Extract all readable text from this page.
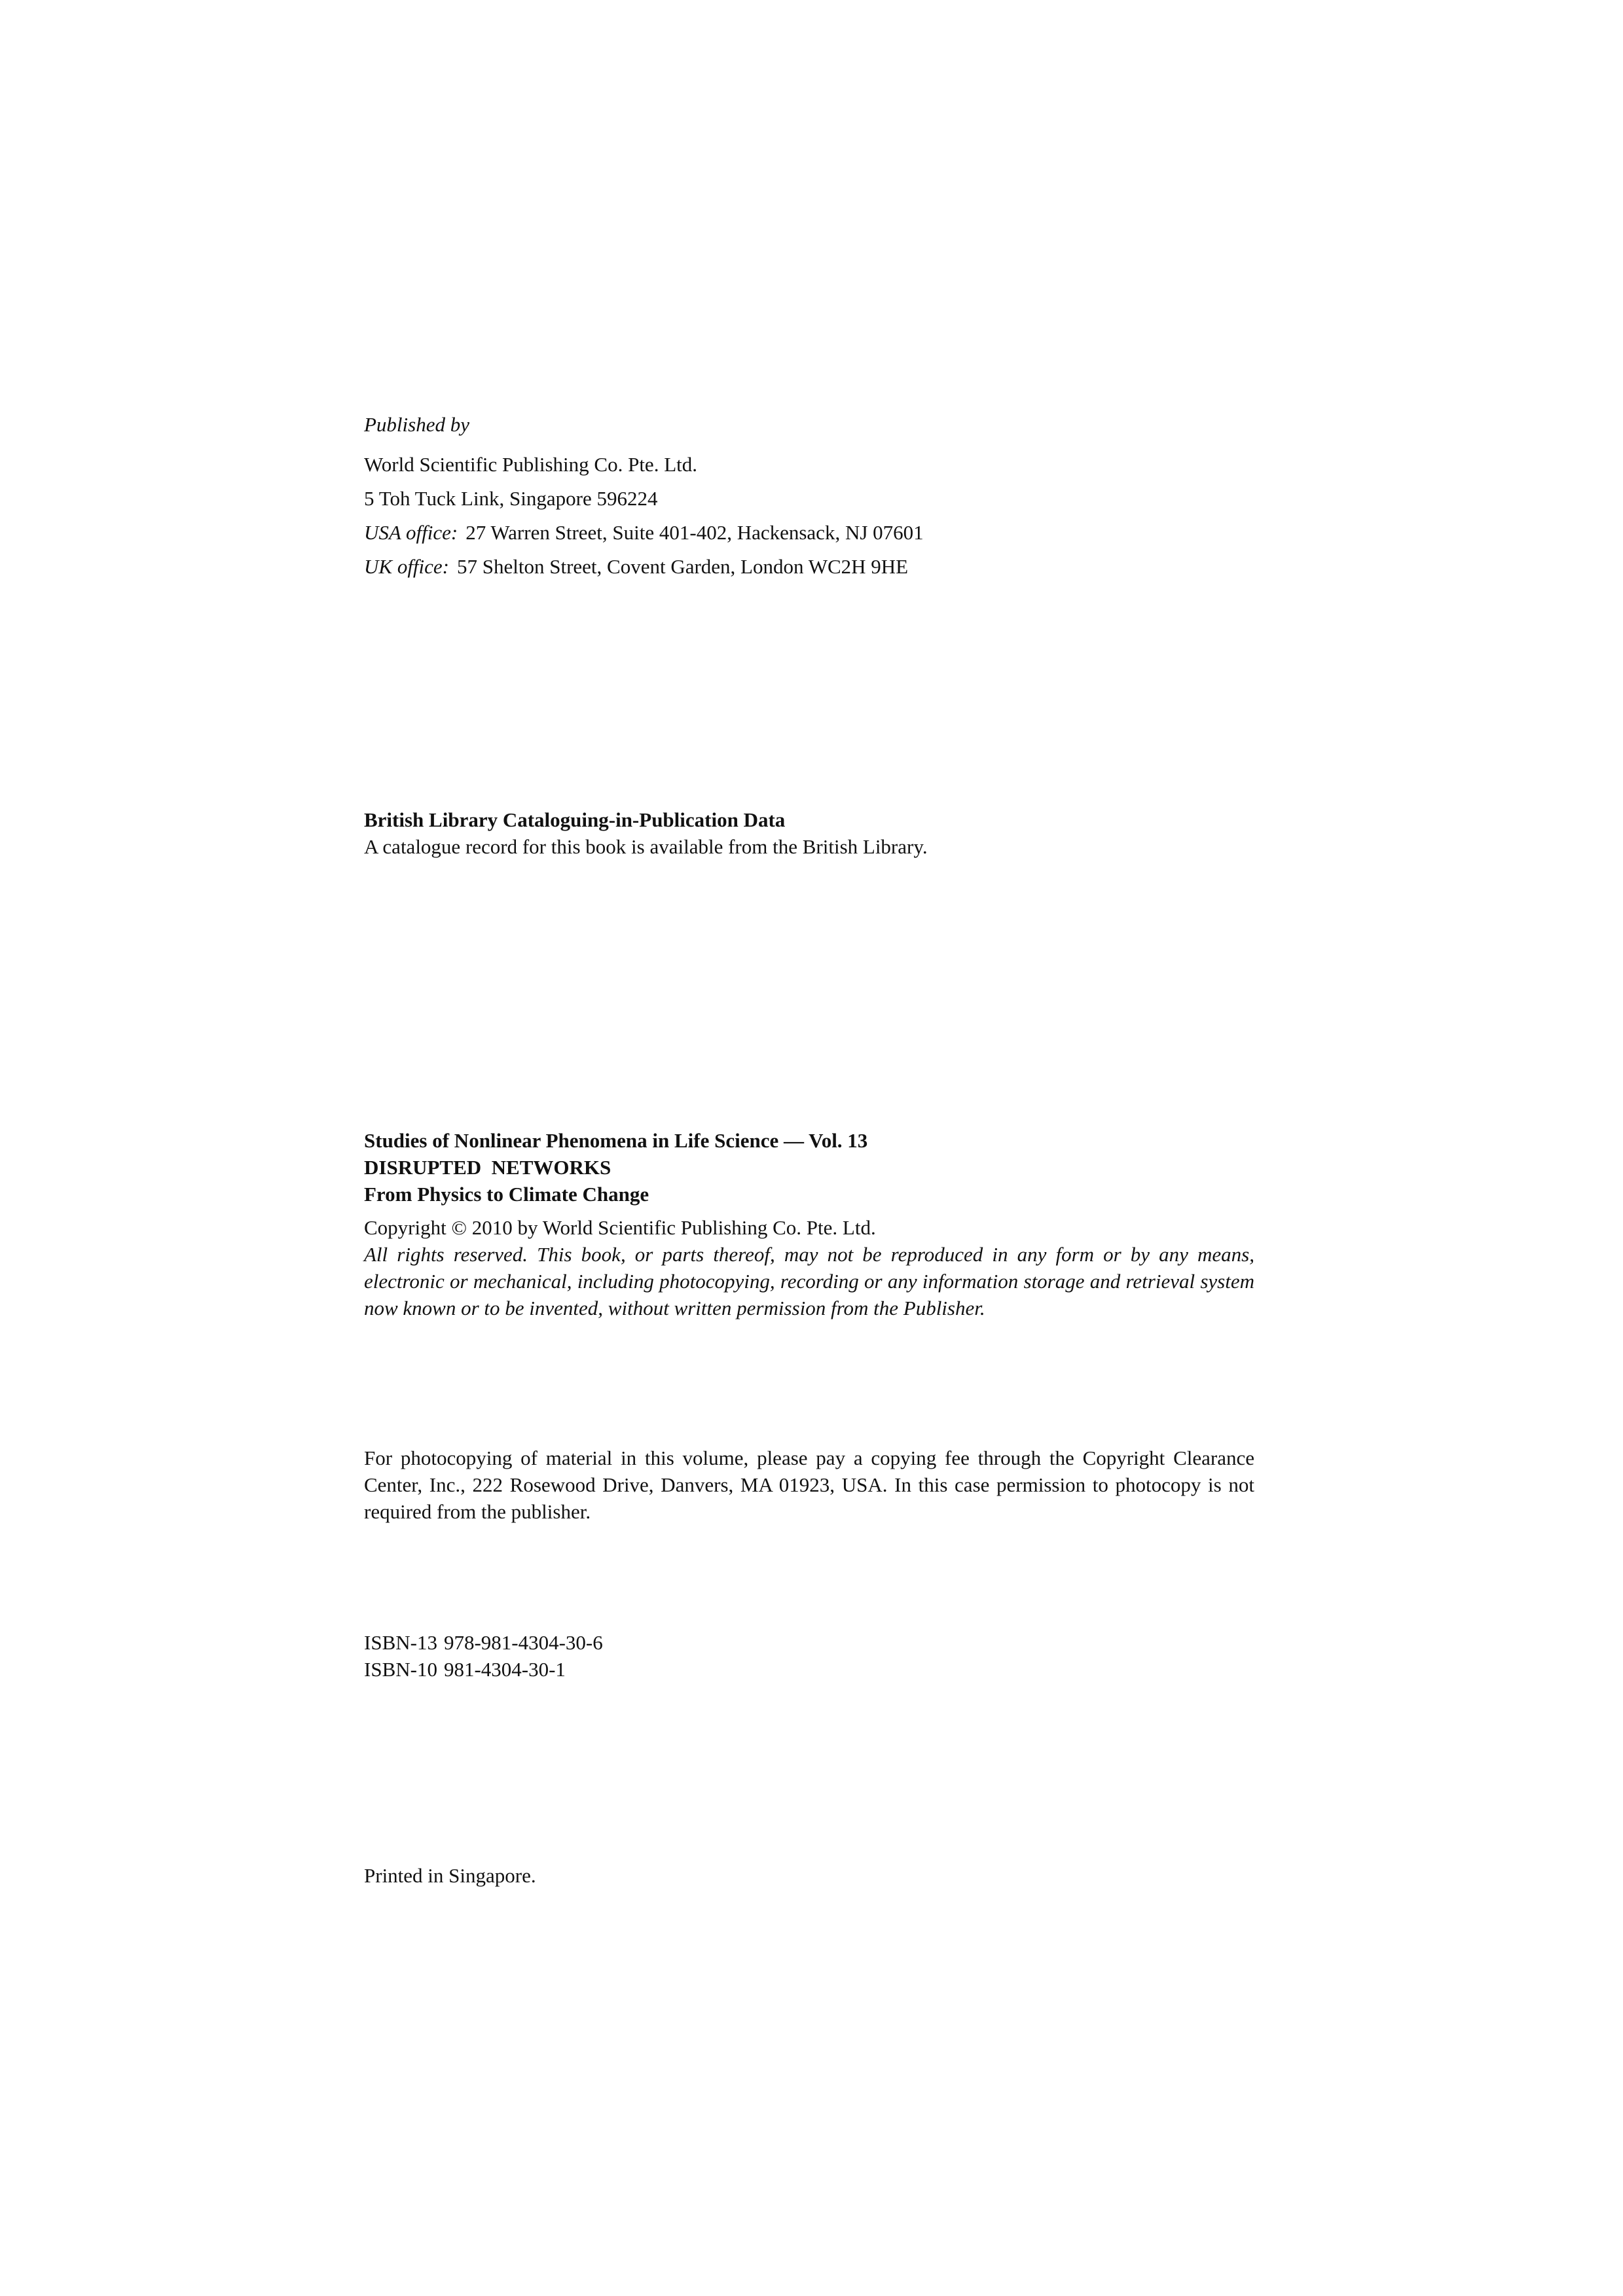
Published by
World Scientific Publishing Co. Pte. Ltd.
5 Toh Tuck Link, Singapore 596224
USA office: 27 Warren Street, Suite 401-402, Hackensack, NJ 07601
UK office: 57 Shelton Street, Covent Garden, London WC2H 9HE
British Library Cataloguing-in-Publication Data
A catalogue record for this book is available from the British Library.
Studies of Nonlinear Phenomena in Life Science — Vol. 13
DISRUPTED  NETWORKS
From Physics to Climate Change
Copyright © 2010 by World Scientific Publishing Co. Pte. Ltd.
All rights reserved. This book, or parts thereof, may not be reproduced in any form or by any means, electronic or mechanical, including photocopying, recording or any information storage and retrieval system now known or to be invented, without written permission from the Publisher.
For photocopying of material in this volume, please pay a copying fee through the Copyright Clearance Center, Inc., 222 Rosewood Drive, Danvers, MA 01923, USA. In this case permission to photocopy is not required from the publisher.
ISBN-13 978-981-4304-30-6
ISBN-10 981-4304-30-1
Printed in Singapore.
